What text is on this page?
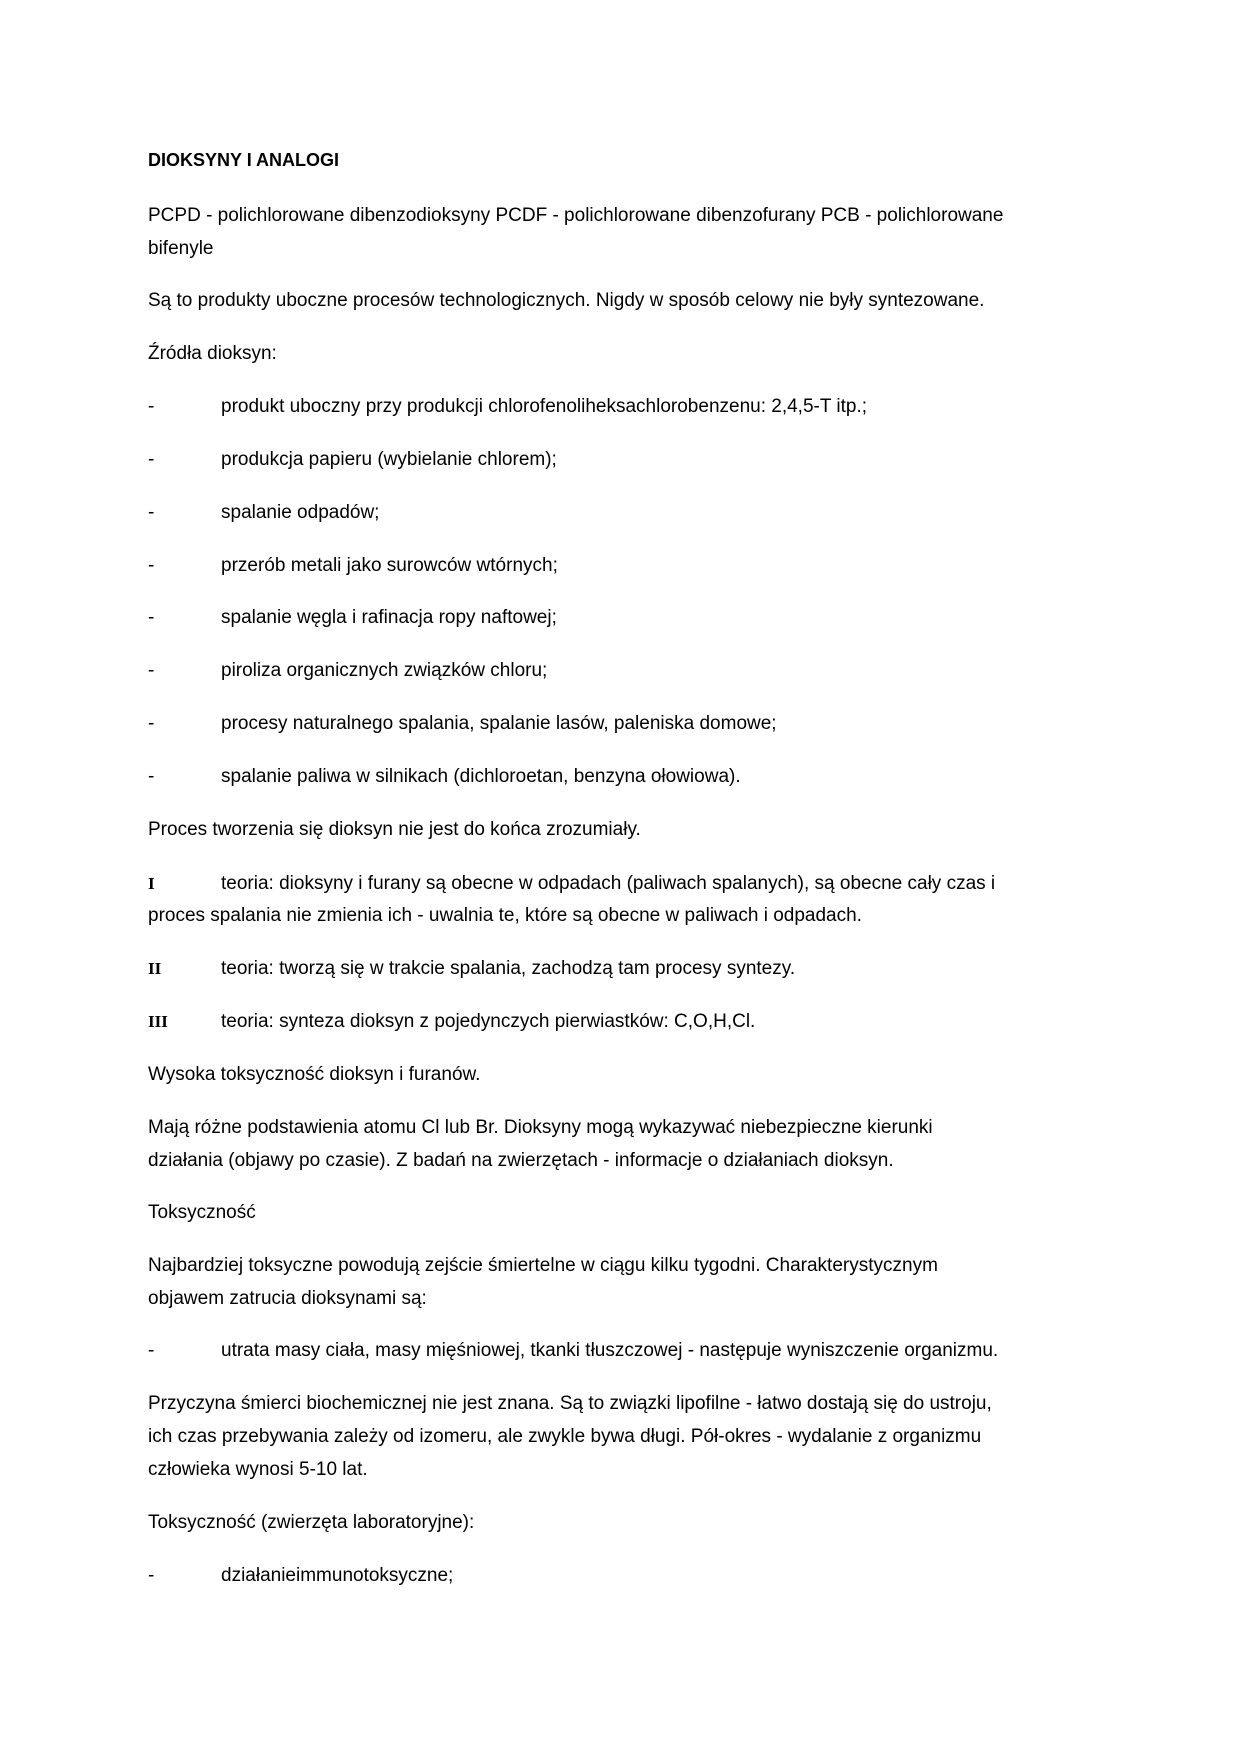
DIOKSYNY I ANALOGI
PCPD - polichlorowane dibenzodioksyny PCDF - polichlorowane dibenzofurany PCB - polichlorowane
bifenyle
Są to produkty uboczne procesów technologicznych. Nigdy w sposób celowy nie były syntezowane.
Źródła dioksyn:
-	produkt uboczny przy produkcji chlorofenoliheksachlorobenzenu: 2,4,5-T itp.;
-	produkcja papieru (wybielanie chlorem);
-	spalanie odpadów;
-	przerób metali jako surowców wtórnych;
-	spalanie węgla i rafinacja ropy naftowej;
-	piroliza organicznych związków chloru;
-	procesy naturalnego spalania, spalanie lasów, paleniska domowe;
-	spalanie paliwa w silnikach (dichloroetan, benzyna ołowiowa).
Proces tworzenia się dioksyn nie jest do końca zrozumiały.
I	teoria: dioksyny i furany są obecne w odpadach (paliwach spalanych), są obecne cały czas i
proces spalania nie zmienia ich - uwalnia te, które są obecne w paliwach i odpadach.
II	teoria: tworzą się w trakcie spalania, zachodzą tam procesy syntezy.
III	teoria: synteza dioksyn z pojedynczych pierwiastków: C,O,H,Cl.
Wysoka toksyczność dioksyn i furanów.
Mają różne podstawienia atomu Cl lub Br. Dioksyny mogą wykazywać niebezpieczne kierunki
działania (objawy po czasie). Z badań na zwierzętach - informacje o działaniach dioksyn.
Toksyczność
Najbardziej toksyczne powodują zejście śmiertelne w ciągu kilku tygodni. Charakterystycznym
objawem zatrucia dioksynami są:
-	utrata masy ciała, masy mięśniowej, tkanki tłuszczowej - następuje wyniszczenie organizmu.
Przyczyna śmierci biochemicznej nie jest znana. Są to związki lipofilne - łatwo dostają się do ustroju,
ich czas przebywania zależy od izomeru, ale zwykle bywa długi. Pół-okres - wydalanie z organizmu
człowieka wynosi 5-10 lat.
Toksyczność (zwierzęta laboratoryjne):
-	działanieimmunotoksyczne;
